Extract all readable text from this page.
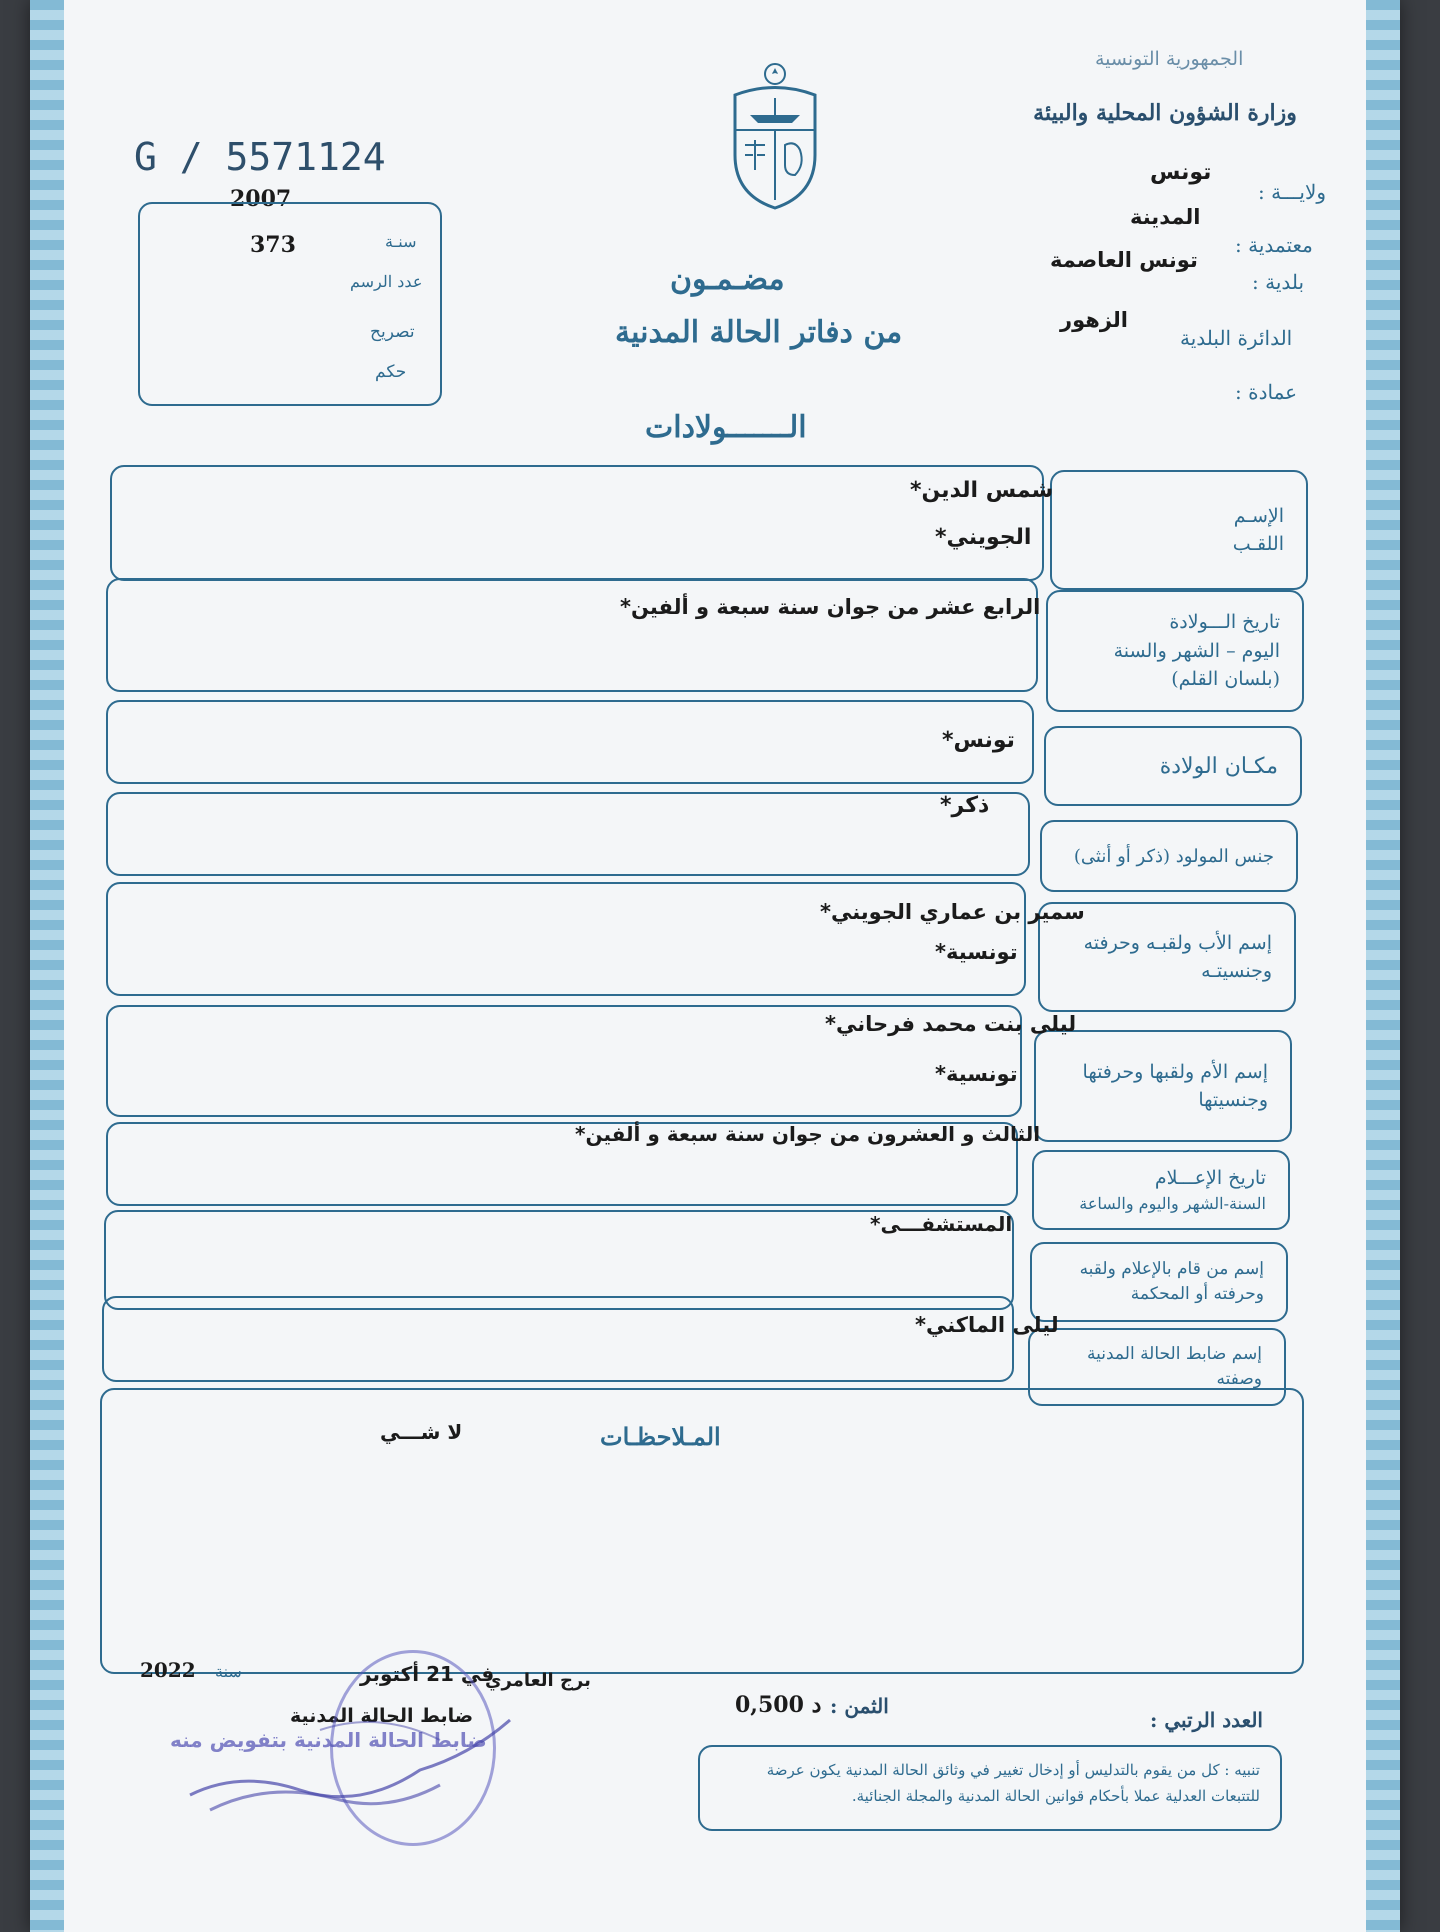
الجمهورية التونسية
وزارة الشؤون المحلية والبيئة
ولايـــة :
تونس
معتمدية :
المدينة
بلدية :
تونس العاصمة
الدائرة البلدية
الزهور
عمادة :
G / 5571124
2007
373	سنـة
عدد الرسم
تصريح
حكم
مضـمـون
من دفاتر الحالة المدنية
الـــــــولادات
الإسـم
اللقـب
شمس الدين*
الجويني*
تاريخ الـــولادة
اليوم – الشهر والسنة
(بلسان القلم)
الرابع عشر من جوان سنة سبعة و ألفين*
مكـان الولادة
تونس*
جنس المولود (ذكر أو أنثى)
ذكر*
إسم الأب ولقبـه وحرفته
وجنسيتـه
سمير بن عماري الجويني*
تونسية*
إسم الأم ولقبها وحرفتها
وجنسيتها
ليلى بنت محمد فرحاني*
تونسية*
تاريخ الإعـــلام
السنة-الشهر واليوم والساعة
الثالث و العشرون من جوان سنة سبعة و ألفين*
إسم من قام بالإعلام ولقبه
وحرفته أو المحكمة
المستشفـــى*
إسم ضابط الحالة المدنية
وصفته
ليلى الماكني*
المـلاحظـات
لا شـــي
سنة
2022	برج العامري
في 21 أكتوبر
ضابط الحالة المدنية	0,500 د الثمن :
العدد الرتبي :
تنبيه : كل من يقوم بالتدليس أو إدخال تغيير في وثائق الحالة المدنية يكون عرضة للتتبعات العدلية عملا بأحكام قوانين الحالة المدنية والمجلة الجنائية.
ضابط الحالة المدنية بتفويض منه
